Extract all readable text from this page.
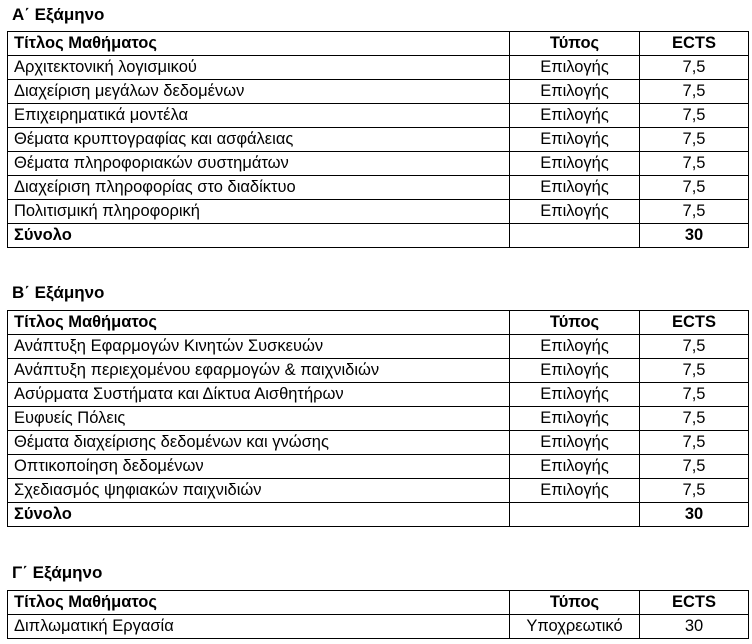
Α΄ Εξάμηνο
Τίτλος Μαθήματος	Τύπος	ECTS
Αρχιτεκτονική λογισμικού	Επιλογής	7,5
Διαχείριση μεγάλων δεδομένων	Επιλογής	7,5
Επιχειρηματικά μοντέλα	Επιλογής	7,5
Θέματα κρυπτογραφίας και ασφάλειας	Επιλογής	7,5
Θέματα πληροφοριακών συστημάτων	Επιλογής	7,5
Διαχείριση πληροφορίας στο διαδίκτυο	Επιλογής	7,5
Πολιτισμική πληροφορική	Επιλογής	7,5
Σύνολο		30
Β΄ Εξάμηνο
Τίτλος Μαθήματος	Τύπος	ECTS
Ανάπτυξη Εφαρμογών Κινητών Συσκευών	Επιλογής	7,5
Ανάπτυξη περιεχομένου εφαρμογών & παιχνιδιών	Επιλογής	7,5
Ασύρματα Συστήματα και Δίκτυα Αισθητήρων	Επιλογής	7,5
Ευφυείς Πόλεις	Επιλογής	7,5
Θέματα διαχείρισης δεδομένων και γνώσης	Επιλογής	7,5
Οπτικοποίηση δεδομένων	Επιλογής	7,5
Σχεδιασμός ψηφιακών παιχνιδιών	Επιλογής	7,5
Σύνολο		30
Γ΄ Εξάμηνο
Τίτλος Μαθήματος	Τύπος	ECTS
Διπλωματική Εργασία	Υποχρεωτικό	30
